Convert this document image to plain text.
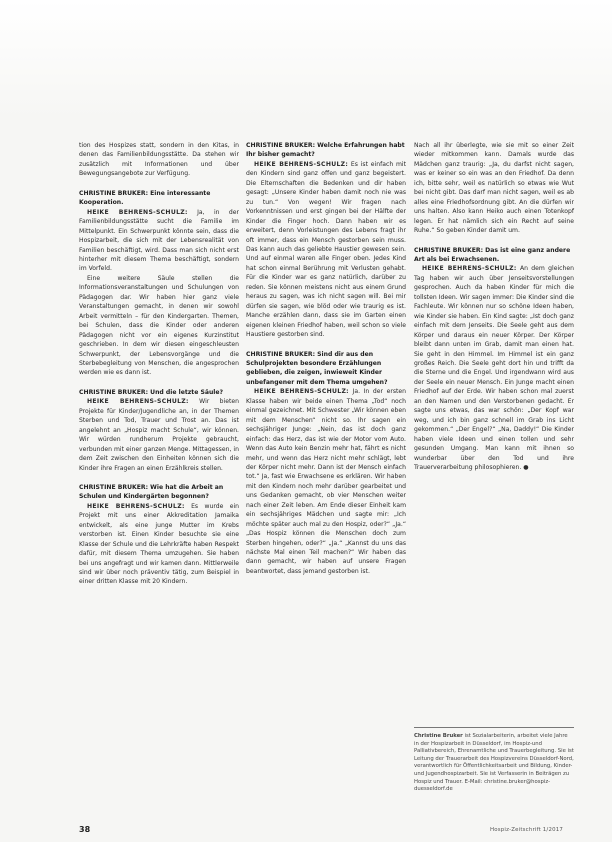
tion des Hospizes statt, sondern in den Kitas, in denen das Familienbildungsstätte. Da stehen wir zusätzlich mit Informationen und über Bewegungsangebote zur Verfügung.

CHRISTINE BRUKER: Eine interessante Kooperation.

HEIKE BEHRENS-SCHULZ: Ja, in der Familienbildungsstätte sucht die Familie im Mittelpunkt. Ein Schwerpunkt könnte sein, dass die Hospizarbeit, die sich mit der Lebensrealität von Familien beschäftigt, wird. Dass man sich nicht erst hinterher mit diesem Thema beschäftigt, sondern im Vorfeld.

Eine weitere Säule stellen die Informationsveranstaltungen und Schulungen von Pädagogen dar. Wir haben hier ganz viele Veranstaltungen gemacht, in denen wir sowohl Arbeit vermitteln – für den Kindergarten. Themen, bei Schulen, dass die Kinder oder anderen Pädagogen nicht vor ein eigenes Kurzinstitut geschrieben. In dem wir diesen eingeschleusten Schwerpunkt, der Lebensvorgänge und die Sterbebegleitung von Menschen, die angesprochen werden wie es dann ist.

CHRISTINE BRUKER: Und die letzte Säule?

HEIKE BEHRENS-SCHULZ: Wir bieten Projekte für Kinder/Jugendliche an, in der Themen Sterben und Tod, Trauer und Trost an. Das ist angelehnt an „Hospiz macht Schule“, wir können. Wir würden rundherum Projekte gebraucht, verbunden mit einer ganzen Menge. Mittagessen, in dem Zeit zwischen den Einheiten können sich die Kinder ihre Fragen an einen Erzählkreis stellen.

CHRISTINE BRUKER: Wie hat die Arbeit an Schulen und Kindergärten begonnen?

HEIKE BEHRENS-SCHULZ: Es wurde ein Projekt mit uns einer Akkreditation Jamaika entwickelt, als eine junge Mutter im Krebs verstorben ist. Einen Kinder besuchte sie eine Klasse der Schule und die Lehrkräfte haben Respekt dafür, mit diesem Thema umzugehen. Sie haben bei uns angefragt und wir kamen dann. Mittlerweile sind wir über noch präventiv tätig, zum Beispiel in einer dritten Klasse mit 20 Kindern.

CHRISTINE BRUKER: Welche Erfahrungen habt Ihr bisher gemacht?

HEIKE BEHRENS-SCHULZ: Es ist einfach mit den Kindern sind ganz offen und ganz begeistert. Die Elternschaften die Bedenken und dir haben gesagt: „Unsere Kinder haben damit noch nie was zu tun.“ Von wegen! Wir fragen nach Vorkenntnissen und erst gingen bei der Hälfte der Kinder die Finger hoch. Dann haben wir es erweitert, denn Vorleistungen des Lebens fragt ihr oft immer, dass ein Mensch gestorben sein muss. Das kann auch das geliebte Haustier gewesen sein. Und auf einmal waren alle Finger oben. Jedes Kind hat schon einmal Berührung mit Verlusten gehabt. Für die Kinder war es ganz natürlich, darüber zu reden. Sie können meistens nicht aus einem Grund heraus zu sagen, was ich nicht sagen will. Bei mir dürfen sie sagen, wie blöd oder wie traurig es ist. Manche erzählen dann, dass sie im Garten einen eigenen kleinen Friedhof haben, weil schon so viele Haustiere gestorben sind.

CHRISTINE BRUKER: Sind dir aus den Schulprojekten besondere Erzählungen geblieben, die zeigen, inwieweit Kinder unbefangener mit dem Thema umgehen?

HEIKE BEHRENS-SCHULZ: Ja. In der ersten Klasse haben wir beide einen Thema „Tod“ noch einmal gezeichnet. Mit Schwester „Wir können eben mit dem Menschen“ nicht so. Ihr sagen ein sechsjähriger Junge: „Nein, das ist doch ganz einfach: das Herz, das ist wie der Motor vom Auto. Wenn das Auto kein Benzin mehr hat, fährt es nicht mehr, und wenn das Herz nicht mehr schlägt, lebt der Körper nicht mehr. Dann ist der Mensch einfach tot.“ Ja, fast wie Erwachsene es erklären. Wir haben mit den Kindern noch mehr darüber gearbeitet und uns Gedanken gemacht, ob vier Menschen weiter nach einer Zeit leben. Am Ende dieser Einheit kam ein sechsjähriges Mädchen und sagte mir: „Ich möchte später auch mal zu den Hospiz, oder?“ „Ja.“ „Das Hospiz können die Menschen doch zum Sterben hingehen, oder?“ „Ja.“ „Kannst du uns das nächste Mal einen Teil machen?“ Wir haben das dann gemacht, wir haben auf unsere Fragen beantwortet, dass jemand gestorben ist.

Nach all ihr überlegte, wie sie mit so einer Zeit wieder mitkommen kann. Damals wurde das Mädchen ganz traurig: „Ja, du darfst nicht sagen, was er keiner so ein was an den Friedhof. Da denn ich, bitte sehr, weil es natürlich so etwas wie Wut bei nicht gibt. Das darf man nicht sagen, weil es ab alles eine Friedhofsordnung gibt. An die dürfen wir uns halten. Also kann Heiko auch einen Totenkopf legen. Er hat nämlich sich ein Recht auf seine Ruhe.“ So geben Kinder damit um.

CHRISTINE BRUKER: Das ist eine ganz andere Art als bei Erwachsenen.

HEIKE BEHRENS-SCHULZ: An dem gleichen Tag haben wir auch über Jenseitsvorstellungen gesprochen. Auch da haben Kinder für mich die tollsten Ideen. Wir sagen immer: Die Kinder sind die Fachleute. Wir können nur so schöne Ideen haben, wie Kinder sie haben. Ein Kind sagte: „Ist doch ganz einfach mit dem Jenseits. Die Seele geht aus dem Körper und daraus ein neuer Körper. Der Körper bleibt dann unten im Grab, damit man einen hat. Sie geht in den Himmel. Im Himmel ist ein ganz großes Reich. Die Seele geht dort hin und trifft da die Sterne und die Engel. Und irgendwann wird aus der Seele ein neuer Mensch. Ein Junge macht einen Friedhof auf der Erde. Wir haben schon mal zuerst an den Namen und den Verstorbenen gedacht. Er sagte uns etwas, das war schön: „Der Kopf war weg, und ich bin ganz schnell im Grab ins Licht gekommen.“ „Der Engel?“ „Na, Daddy!“ Die Kinder haben viele Ideen und einen tollen und sehr gesunden Umgang. Man kann mit ihnen so wunderbar über den Tod und ihre Trauerverarbeitung philosophieren. ●

Christine Bruker ist Sozialarbeiterin, arbeitet viele Jahre in der Hospizarbeit in Düsseldorf, im Hospiz-und Palliativbereich, Ehrenamtliche und Trauerbegleitung. Sie ist Leitung der Trauerarbeit des Hospizvereins Düsseldorf-Nord, verantwortlich für Öffentlichkeitsarbeit und Bildung, Kinder- und Jugendhospizarbeit. Sie ist Verfasserin in Beiträgen zu Hospiz und Trauer. E-Mail: christine.bruker@hospiz-duesseldorf.de
38	Hospiz-Zeitschrift 1/2017
